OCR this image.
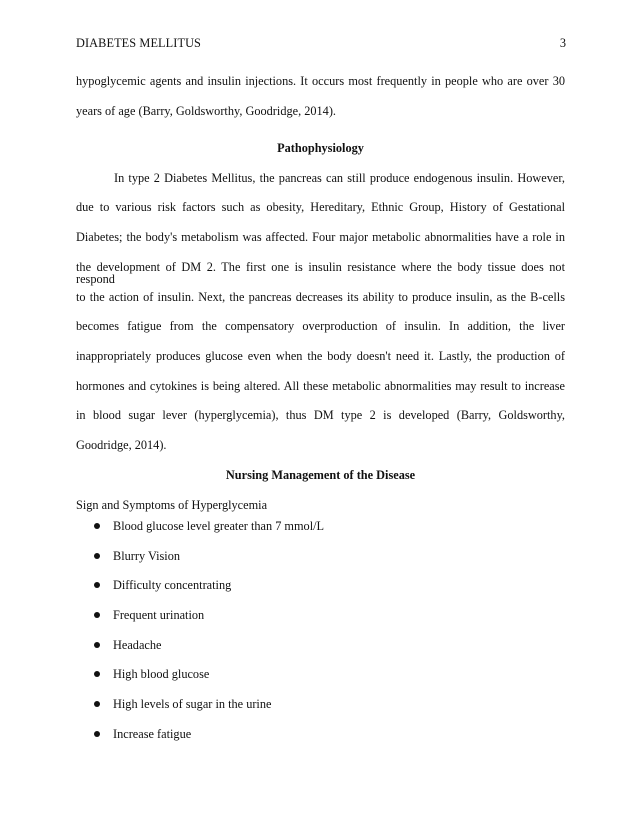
DIABETES MELLITUS	3
hypoglycemic agents and insulin injections. It occurs most frequently in people who are over 30
years of age (Barry, Goldsworthy, Goodridge, 2014).
Pathophysiology
In type 2 Diabetes Mellitus, the pancreas can still produce endogenous insulin. However,
due to various risk factors such as obesity, Hereditary, Ethnic Group, History of Gestational
Diabetes; the body's metabolism was affected. Four major metabolic abnormalities have a role in
the development of DM 2. The first one is insulin resistance where the body tissue does not respond
to the action of insulin. Next, the pancreas decreases its ability to produce insulin, as the B-cells
becomes fatigue from the compensatory overproduction of insulin. In addition, the liver
inappropriately produces glucose even when the body doesn't need it. Lastly, the production of
hormones and cytokines is being altered. All these metabolic abnormalities may result to increase
in blood sugar lever (hyperglycemia), thus DM type 2 is developed (Barry, Goldsworthy,
Goodridge, 2014).
Nursing Management of the Disease
Sign and Symptoms of Hyperglycemia
Blood glucose level greater than 7 mmol/L
Blurry Vision
Difficulty concentrating
Frequent urination
Headache
High blood glucose
High levels of sugar in the urine
Increase fatigue
